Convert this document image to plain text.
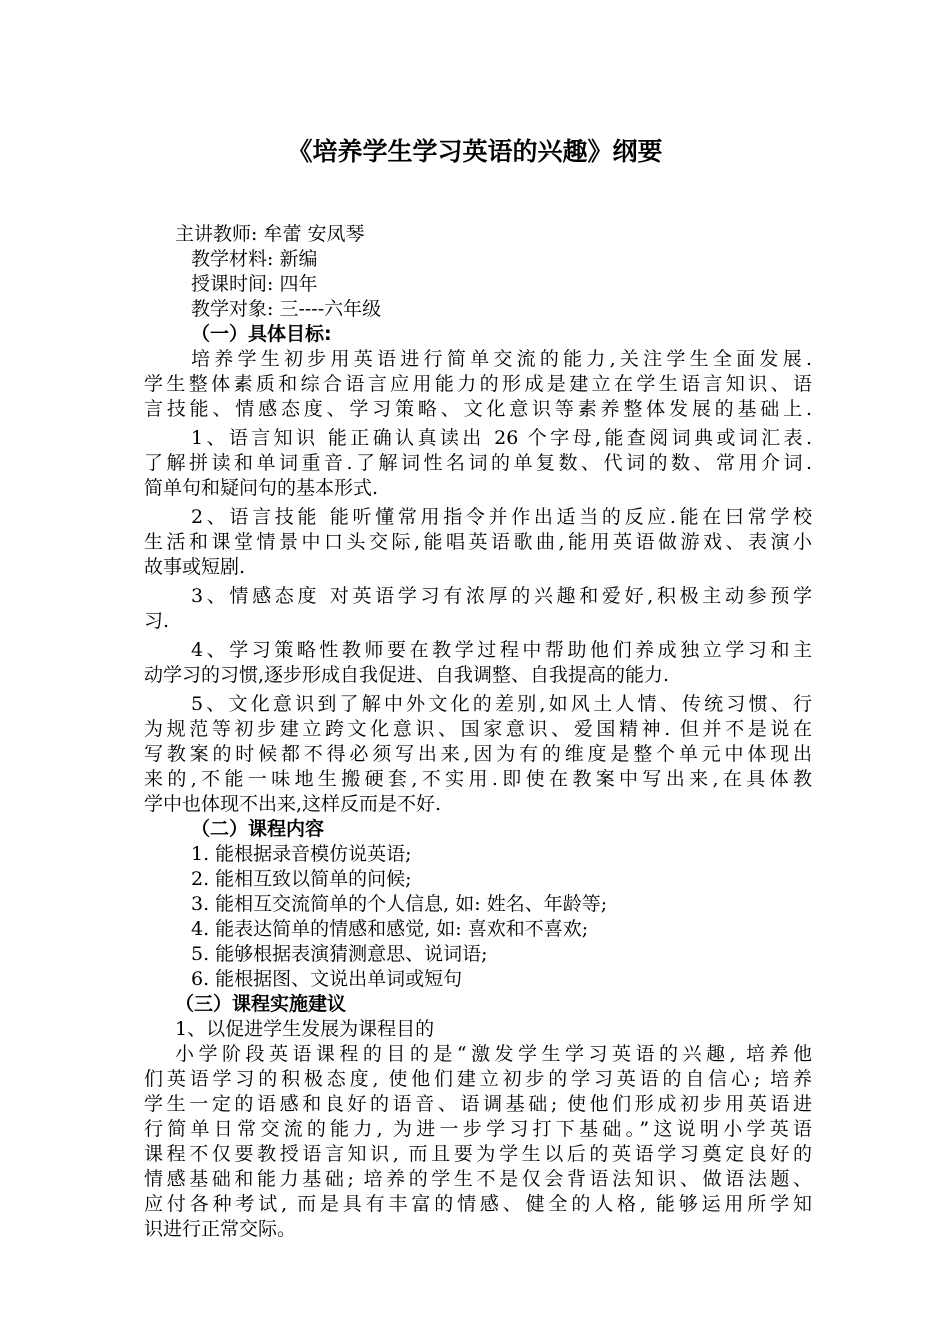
《培养学生学习英语的兴趣》纲要
主讲教师: 牟蕾 安凤琴
教学材料: 新编
授课时间: 四年
教学对象: 三----六年级
（一）具体目标:
培养学生初步用英语进行简单交流的能力,关注学生全面发展.
学生整体素质和综合语言应用能力的形成是建立在学生语言知识、语
言技能、情感态度、学习策略、文化意识等素养整体发展的基础上.
1、语言知识 能正确认真读出 26 个字母,能查阅词典或词汇表.
了解拼读和单词重音.了解词性名词的单复数、代词的数、常用介词.
简单句和疑问句的基本形式.
2、语言技能 能听懂常用指令并作出适当的反应.能在曰常学校
生活和课堂情景中口头交际,能唱英语歌曲,能用英语做游戏、表演小
故事或短剧.
3、情感态度 对英语学习有浓厚的兴趣和爱好,积极主动参预学
习.
4、学习策略性教师要在教学过程中帮助他们养成独立学习和主
动学习的习惯,逐步形成自我促进、自我调整、自我提高的能力.
5、文化意识到了解中外文化的差别,如风土人情、传统习惯、行
为规范等初步建立跨文化意识、国家意识、爱国精神. 但并不是说在
写教案的时候都不得必须写出来,因为有的维度是整个单元中体现出
来的,不能一味地生搬硬套,不实用.即使在教案中写出来,在具体教
学中也体现不出来,这样反而是不好.
（二）课程内容
1. 能根据录音模仿说英语;
2. 能相互致以简单的问候;
3. 能相互交流简单的个人信息, 如: 姓名、年龄等;
4. 能表达简单的情感和感觉, 如: 喜欢和不喜欢;
5. 能够根据表演猜测意思、说词语;
6. 能根据图、文说出单词或短句
（三）课程实施建议
1、以促进学生发展为课程目的
小学阶段英语课程的目的是“激发学生学习英语的兴趣, 培养他
们英语学习的积极态度, 使他们建立初步的学习英语的自信心; 培养
学生一定的语感和良好的语音、语调基础; 使他们形成初步用英语进
行简单日常交流的能力, 为进一步学习打下基础。”这说明小学英语
课程不仅要教授语言知识, 而且要为学生以后的英语学习奠定良好的
情感基础和能力基础; 培养的学生不是仅会背语法知识、做语法题、
应付各种考试, 而是具有丰富的情感、健全的人格, 能够运用所学知
识进行正常交际。
